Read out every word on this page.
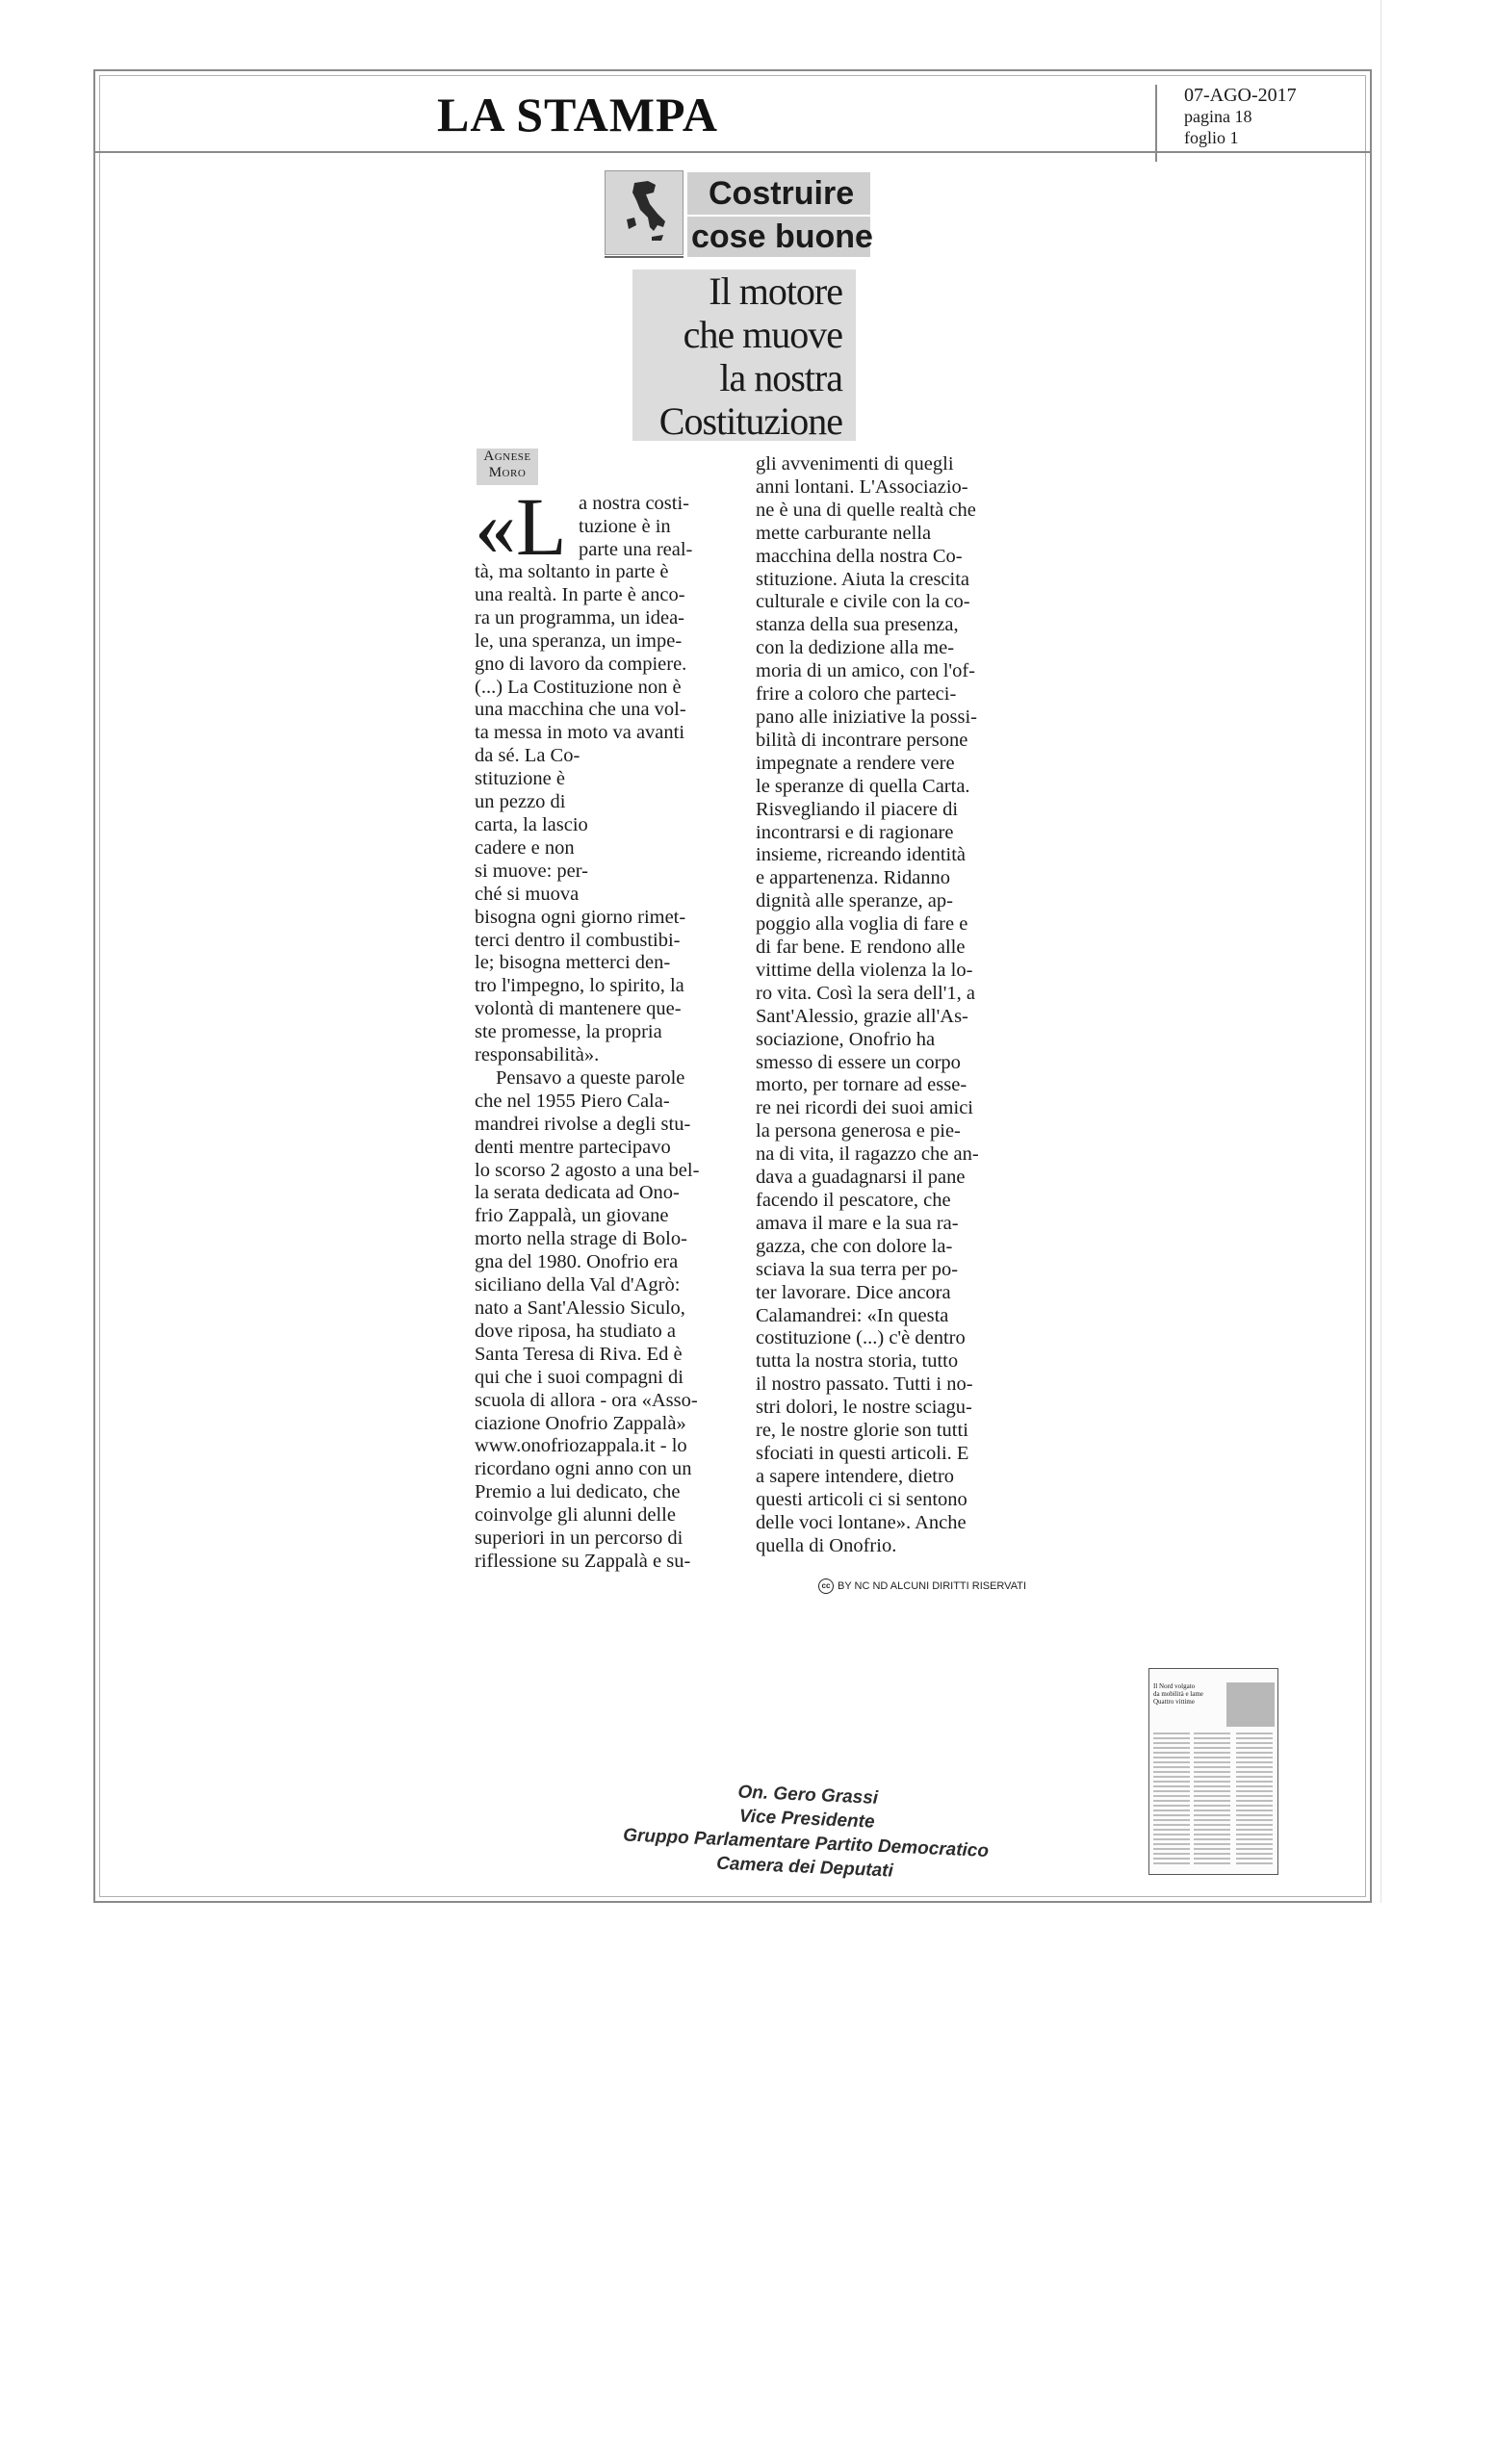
LA STAMPA	07-AGO-2017
pagina 18
foglio 1
Costruire
cose buone
Il motore
che muove
la nostra
Costituzione
Agnese
Moro
«L a nostra costi-
tuzione è in
parte una real-
tà, ma soltanto in parte è
una realtà. In parte è anco-
ra un programma, un idea-
le, una speranza, un impe-
gno di lavoro da compiere.
(...) La Costituzione non è
una macchina che una vol-
ta messa in moto va avanti
da sé. La Co-
stituzione è
un pezzo di
carta, la lascio
cadere e non
si muove: per-
ché si muova
bisogna ogni giorno rimet-
terci dentro il combustibi-
le; bisogna metterci den-
tro l'impegno, lo spirito, la
volontà di mantenere que-
ste promesse, la propria
responsabilità».
Pensavo a queste parole
che nel 1955 Piero Cala-
mandrei rivolse a degli stu-
denti mentre partecipavo
lo scorso 2 agosto a una bel-
la serata dedicata ad Ono-
frio Zappalà, un giovane
morto nella strage di Bolo-
gna del 1980. Onofrio era
siciliano della Val d'Agrò:
nato a Sant'Alessio Siculo,
dove riposa, ha studiato a
Santa Teresa di Riva. Ed è
qui che i suoi compagni di
scuola di allora - ora «Asso-
ciazione Onofrio Zappalà»
www.onofriozappala.it - lo
ricordano ogni anno con un
Premio a lui dedicato, che
coinvolge gli alunni delle
superiori in un percorso di
riflessione su Zappalà e su-
gli avvenimenti di quegli
anni lontani. L'Associazio-
ne è una di quelle realtà che
mette carburante nella
macchina della nostra Co-
stituzione. Aiuta la crescita
culturale e civile con la co-
stanza della sua presenza,
con la dedizione alla me-
moria di un amico, con l'of-
frire a coloro che parteci-
pano alle iniziative la possi-
bilità di incontrare persone
impegnate a rendere vere
le speranze di quella Carta.
Risvegliando il piacere di
incontrarsi e di ragionare
insieme, ricreando identità
e appartenenza. Ridanno
dignità alle speranze, ap-
poggio alla voglia di fare e
di far bene. E rendono alle
vittime della violenza la lo-
ro vita. Così la sera dell'1, a
Sant'Alessio, grazie all'As-
sociazione, Onofrio ha
smesso di essere un corpo
morto, per tornare ad esse-
re nei ricordi dei suoi amici
la persona generosa e pie-
na di vita, il ragazzo che an-
dava a guadagnarsi il pane
facendo il pescatore, che
amava il mare e la sua ra-
gazza, che con dolore la-
sciava la sua terra per po-
ter lavorare. Dice ancora
Calamandrei: «In questa
costituzione (...) c'è dentro
tutta la nostra storia, tutto
il nostro passato. Tutti i no-
stri dolori, le nostre sciagu-
re, le nostre glorie son tutti
sfociati in questi articoli. E
a sapere intendere, dietro
questi articoli ci si sentono
delle voci lontane». Anche
quella di Onofrio.
cc BY NC ND ALCUNI DIRITTI RISERVATI
Il Nord volgato
da mobilità e lame
Quattro vittime
On. Gero Grassi
Vice Presidente
Gruppo Parlamentare Partito Democratico
Camera dei Deputati
